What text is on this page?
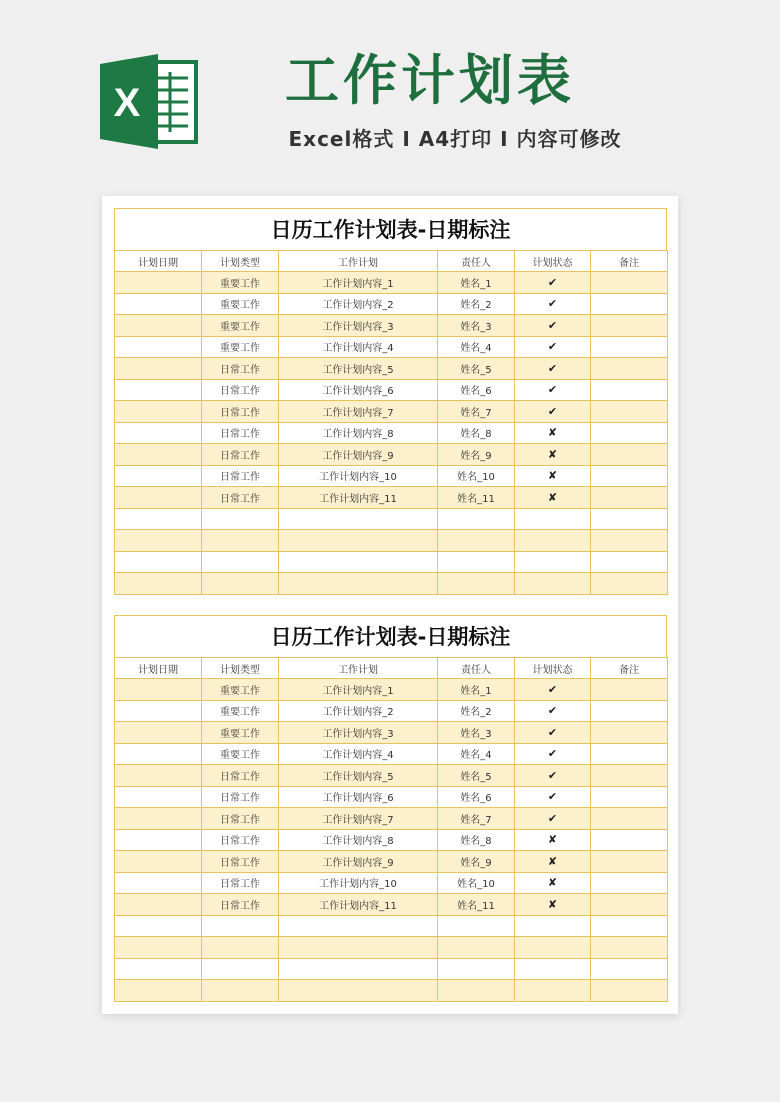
X	工作计划表
Excel格式 I A4打印 I 内容可修改
日历工作计划表-日期标注
计划日期	计划类型	工作计划	责任人	计划状态	备注
	重要工作	工作计划内容_1	姓名_1	✔	
	重要工作	工作计划内容_2	姓名_2	✔	
	重要工作	工作计划内容_3	姓名_3	✔	
	重要工作	工作计划内容_4	姓名_4	✔	
	日常工作	工作计划内容_5	姓名_5	✔	
	日常工作	工作计划内容_6	姓名_6	✔	
	日常工作	工作计划内容_7	姓名_7	✔	
	日常工作	工作计划内容_8	姓名_8	✘	
	日常工作	工作计划内容_9	姓名_9	✘	
	日常工作	工作计划内容_10	姓名_10	✘	
	日常工作	工作计划内容_11	姓名_11	✘	

日历工作计划表-日期标注
计划日期	计划类型	工作计划	责任人	计划状态	备注
	重要工作	工作计划内容_1	姓名_1	✔	
	重要工作	工作计划内容_2	姓名_2	✔	
	重要工作	工作计划内容_3	姓名_3	✔	
	重要工作	工作计划内容_4	姓名_4	✔	
	日常工作	工作计划内容_5	姓名_5	✔	
	日常工作	工作计划内容_6	姓名_6	✔	
	日常工作	工作计划内容_7	姓名_7	✔	
	日常工作	工作计划内容_8	姓名_8	✘	
	日常工作	工作计划内容_9	姓名_9	✘	
	日常工作	工作计划内容_10	姓名_10	✘	
	日常工作	工作计划内容_11	姓名_11	✘	
